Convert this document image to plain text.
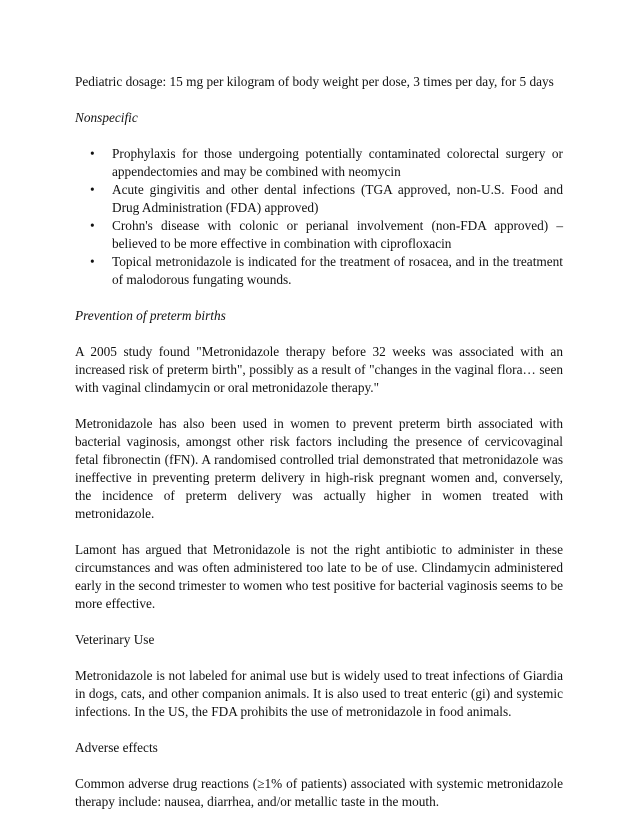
Pediatric dosage: 15 mg per kilogram of body weight per dose, 3 times per day, for 5 days

Nonspecific

• Prophylaxis for those undergoing potentially contaminated colorectal surgery or appendectomies and may be combined with neomycin
• Acute gingivitis and other dental infections (TGA approved, non-U.S. Food and Drug Administration (FDA) approved)
• Crohn's disease with colonic or perianal involvement (non-FDA approved) – believed to be more effective in combination with ciprofloxacin
• Topical metronidazole is indicated for the treatment of rosacea, and in the treatment of malodorous fungating wounds.

Prevention of preterm births

A 2005 study found "Metronidazole therapy before 32 weeks was associated with an increased risk of preterm birth", possibly as a result of "changes in the vaginal flora… seen with vaginal clindamycin or oral metronidazole therapy."

Metronidazole has also been used in women to prevent preterm birth associated with bacterial vaginosis, amongst other risk factors including the presence of cervicovaginal fetal fibronectin (fFN). A randomised controlled trial demonstrated that metronidazole was ineffective in preventing preterm delivery in high-risk pregnant women and, conversely, the incidence of preterm delivery was actually higher in women treated with metronidazole.

Lamont has argued that Metronidazole is not the right antibiotic to administer in these circumstances and was often administered too late to be of use. Clindamycin administered early in the second trimester to women who test positive for bacterial vaginosis seems to be more effective.

Veterinary Use

Metronidazole is not labeled for animal use but is widely used to treat infections of Giardia in dogs, cats, and other companion animals. It is also used to treat enteric (gi) and systemic infections. In the US, the FDA prohibits the use of metronidazole in food animals.

Adverse effects

Common adverse drug reactions (≥1% of patients) associated with systemic metronidazole therapy include: nausea, diarrhea, and/or metallic taste in the mouth.
